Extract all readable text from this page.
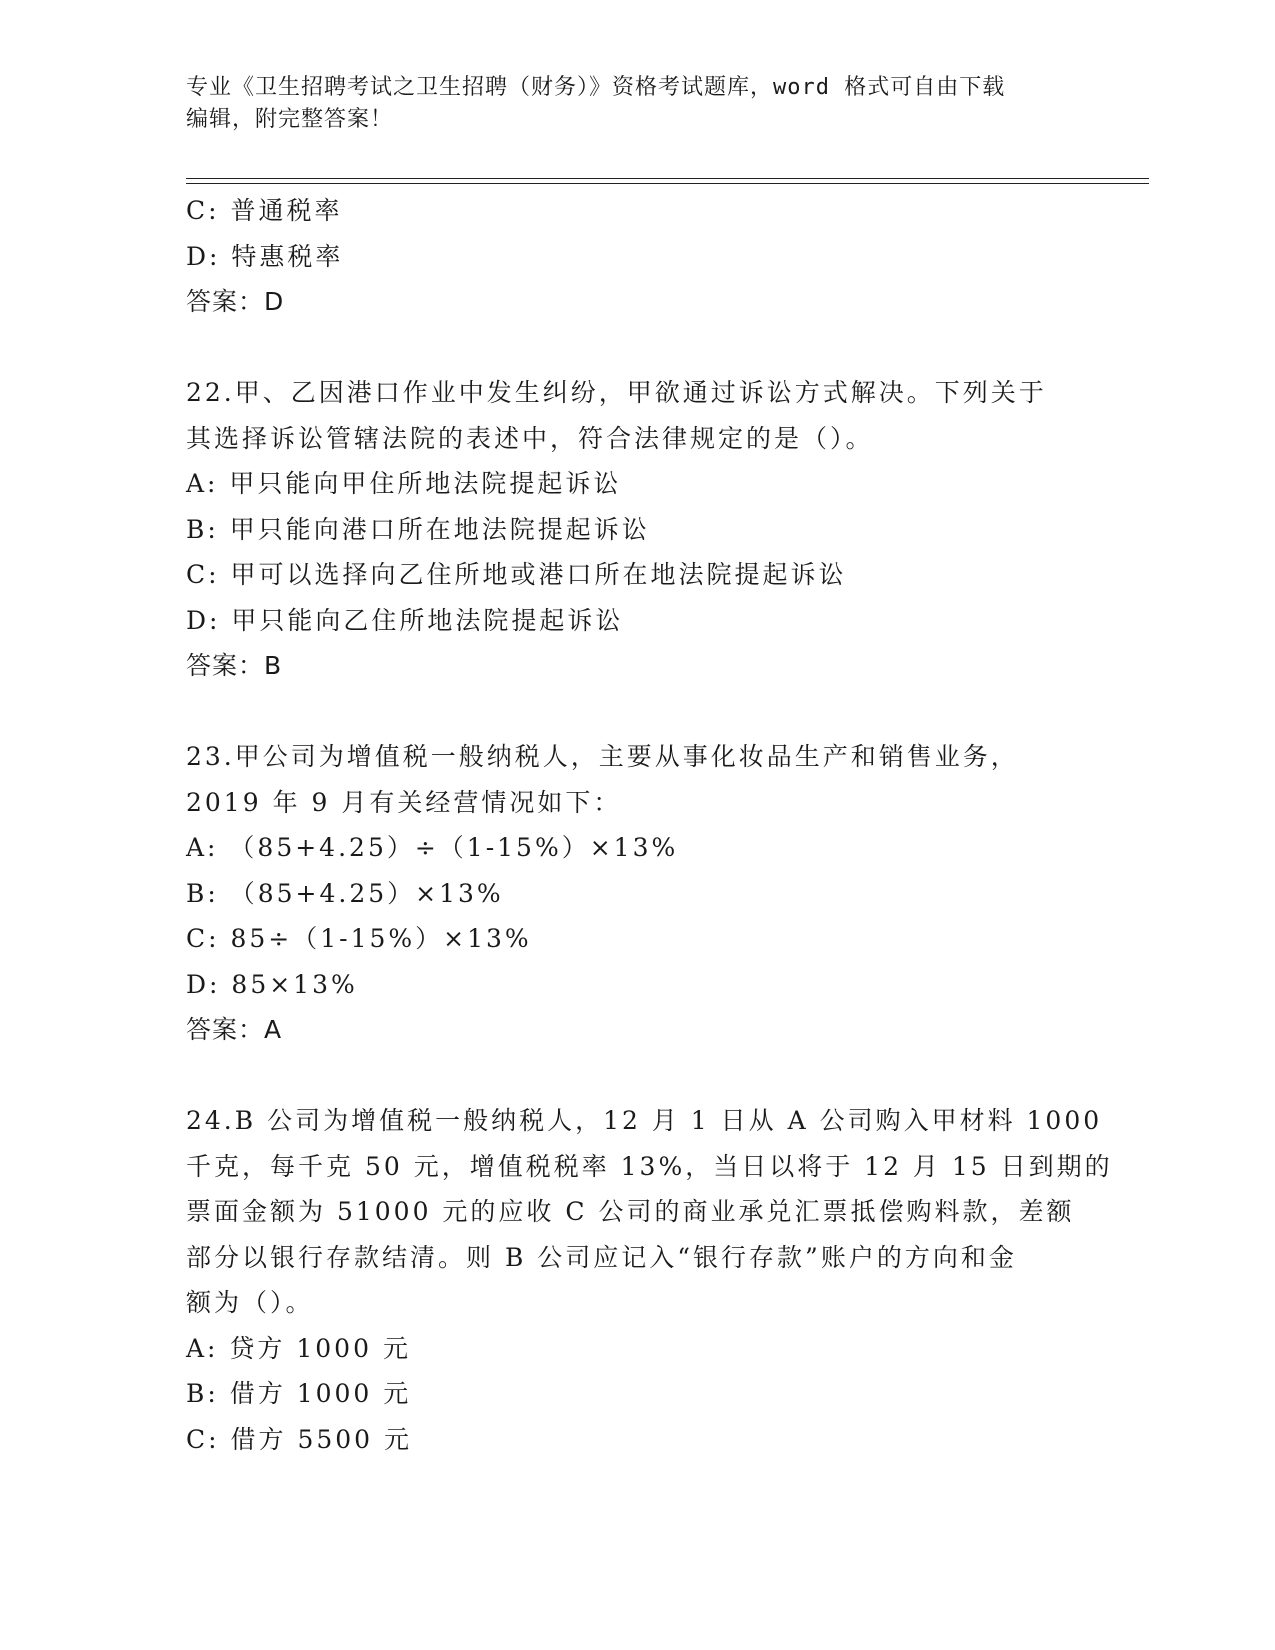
专业《卫生招聘考试之卫生招聘（财务）》资格考试题库，word 格式可自由下载
编辑，附完整答案！
C: 普通税率
D: 特惠税率
答案：D
22.甲、乙因港口作业中发生纠纷，甲欲通过诉讼方式解决。下列关于
其选择诉讼管辖法院的表述中，符合法律规定的是（）。
A: 甲只能向甲住所地法院提起诉讼
B: 甲只能向港口所在地法院提起诉讼
C: 甲可以选择向乙住所地或港口所在地法院提起诉讼
D: 甲只能向乙住所地法院提起诉讼
答案：B
23.甲公司为增值税一般纳税人，主要从事化妆品生产和销售业务，
2019 年 9 月有关经营情况如下：
A: （85+4.25）÷（1-15%）×13%
B: （85+4.25）×13%
C: 85÷（1-15%）×13%
D: 85×13%
答案：A
24.B 公司为增值税一般纳税人，12 月 1 日从 A 公司购入甲材料 1000
千克，每千克 50 元，增值税税率 13%，当日以将于 12 月 15 日到期的
票面金额为 51000 元的应收 C 公司的商业承兑汇票抵偿购料款，差额
部分以银行存款结清。则 B 公司应记入“银行存款”账户的方向和金
额为（）。
A: 贷方 1000 元
B: 借方 1000 元
C: 借方 5500 元
